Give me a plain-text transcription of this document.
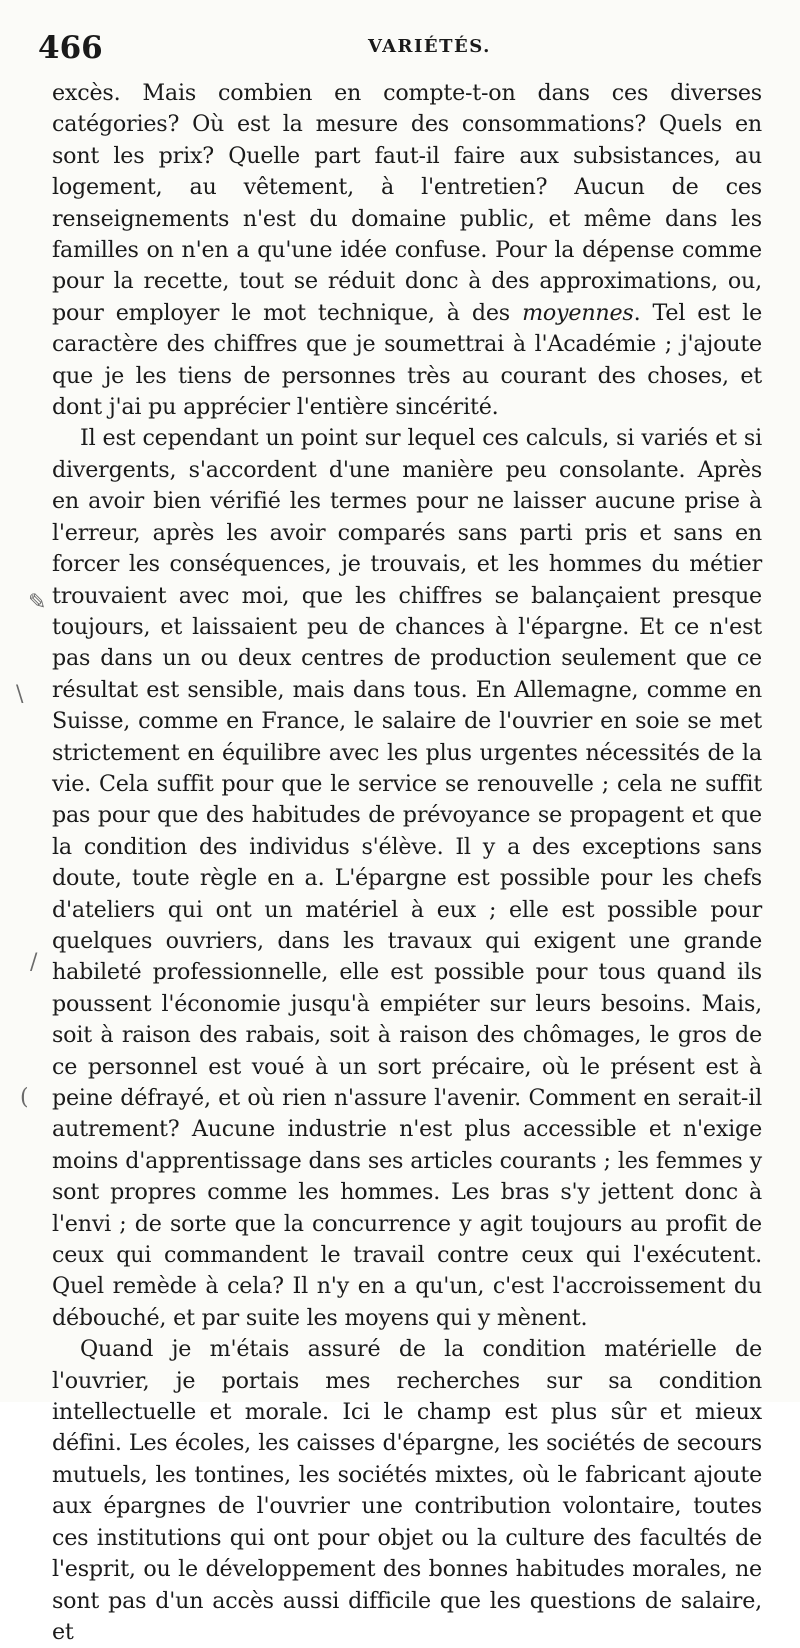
466	VARIÉTÉS.

excès. Mais combien en compte-t-on dans ces diverses catégories? Où est la mesure des consommations? Quels en sont les prix? Quelle part faut-il faire aux subsistances, au logement, au vêtement, à l'entretien? Aucun de ces renseignements n'est du domaine public, et même dans les familles on n'en a qu'une idée confuse. Pour la dépense comme pour la recette, tout se réduit donc à des approximations, ou, pour employer le mot technique, à des moyennes. Tel est le caractère des chiffres que je soumettrai à l'Académie ; j'ajoute que je les tiens de personnes très au courant des choses, et dont j'ai pu apprécier l'entière sincérité.

Il est cependant un point sur lequel ces calculs, si variés et si divergents, s'accordent d'une manière peu consolante. Après en avoir bien vérifié les termes pour ne laisser aucune prise à l'erreur, après les avoir comparés sans parti pris et sans en forcer les conséquences, je trouvais, et les hommes du métier trouvaient avec moi, que les chiffres se balançaient presque toujours, et laissaient peu de chances à l'épargne. Et ce n'est pas dans un ou deux centres de production seulement que ce résultat est sensible, mais dans tous. En Allemagne, comme en Suisse, comme en France, le salaire de l'ouvrier en soie se met strictement en équilibre avec les plus urgentes nécessités de la vie. Cela suffit pour que le service se renouvelle ; cela ne suffit pas pour que des habitudes de prévoyance se propagent et que la condition des individus s'élève. Il y a des exceptions sans doute, toute règle en a. L'épargne est possible pour les chefs d'ateliers qui ont un matériel à eux ; elle est possible pour quelques ouvriers, dans les travaux qui exigent une grande habileté professionnelle, elle est possible pour tous quand ils poussent l'économie jusqu'à empiéter sur leurs besoins. Mais, soit à raison des rabais, soit à raison des chômages, le gros de ce personnel est voué à un sort précaire, où le présent est à peine défrayé, et où rien n'assure l'avenir. Comment en serait-il autrement? Aucune industrie n'est plus accessible et n'exige moins d'apprentissage dans ses articles courants ; les femmes y sont propres comme les hommes. Les bras s'y jettent donc à l'envi ; de sorte que la concurrence y agit toujours au profit de ceux qui commandent le travail contre ceux qui l'exécutent. Quel remède à cela? Il n'y en a qu'un, c'est l'accroissement du débouché, et par suite les moyens qui y mènent.

Quand je m'étais assuré de la condition matérielle de l'ouvrier, je portais mes recherches sur sa condition intellectuelle et morale. Ici le champ est plus sûr et mieux défini. Les écoles, les caisses d'épargne, les sociétés de secours mutuels, les tontines, les sociétés mixtes, où le fabricant ajoute aux épargnes de l'ouvrier une contribution volontaire, toutes ces institutions qui ont pour objet ou la culture des facultés de l'esprit, ou le développement des bonnes habitudes morales, ne sont pas d'un accès aussi difficile que les questions de salaire, et

✎
\
/
(
